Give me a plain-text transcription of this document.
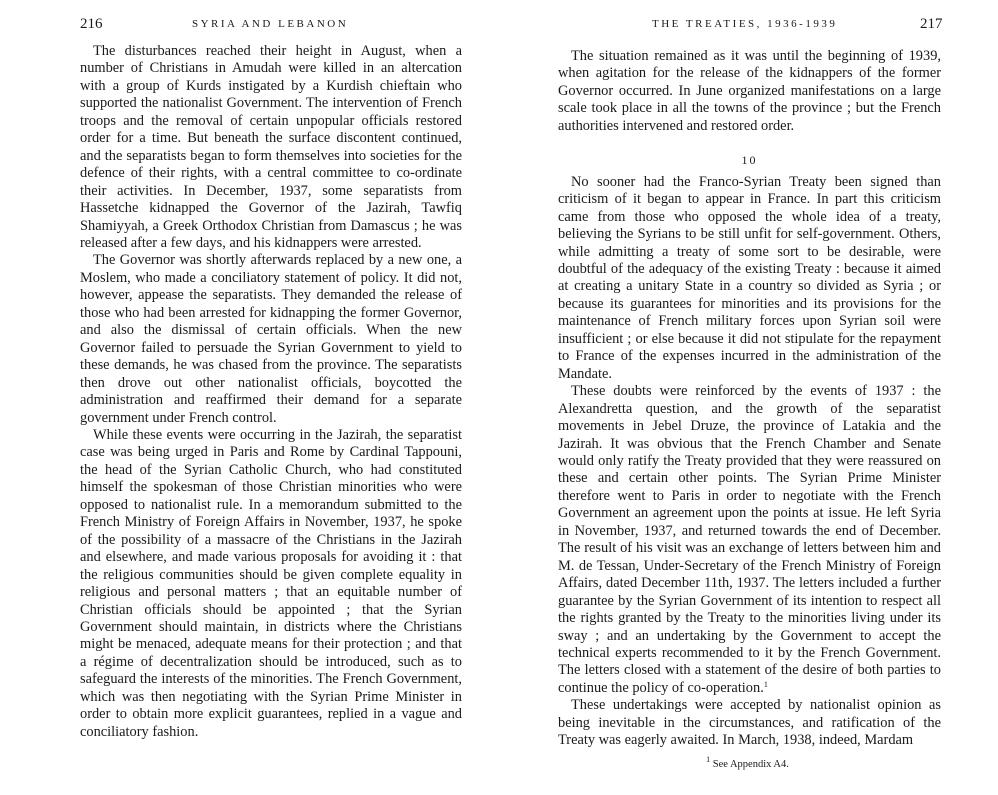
216	SYRIA AND LEBANON

The disturbances reached their height in August, when a number of Christians in Amudah were killed in an altercation with a group of Kurds instigated by a Kurdish chieftain who supported the nationalist Government. The intervention of French troops and the removal of certain unpopular officials restored order for a time. But beneath the surface discontent continued, and the separatists began to form themselves into societies for the defence of their rights, with a central committee to co-ordinate their activities. In December, 1937, some separatists from Hassetche kidnapped the Governor of the Jazirah, Tawfiq Shamiyyah, a Greek Orthodox Christian from Damascus ; he was released after a few days, and his kidnappers were arrested.

The Governor was shortly afterwards replaced by a new one, a Moslem, who made a conciliatory statement of policy. It did not, however, appease the separatists. They demanded the release of those who had been arrested for kidnapping the former Governor, and also the dismissal of certain officials. When the new Governor failed to persuade the Syrian Government to yield to these demands, he was chased from the province. The separatists then drove out other nationalist officials, boycotted the administration and reaffirmed their demand for a separate government under French control.

While these events were occurring in the Jazirah, the separatist case was being urged in Paris and Rome by Cardinal Tappouni, the head of the Syrian Catholic Church, who had constituted himself the spokesman of those Christian minorities who were opposed to nationalist rule. In a memorandum submitted to the French Ministry of Foreign Affairs in November, 1937, he spoke of the possibility of a massacre of the Christians in the Jazirah and elsewhere, and made various proposals for avoiding it : that the religious communities should be given complete equality in religious and personal matters ; that an equitable number of Christian officials should be appointed ; that the Syrian Government should maintain, in districts where the Christians might be menaced, adequate means for their protection ; and that a régime of decentralization should be introduced, such as to safeguard the interests of the minorities. The French Government, which was then negotiating with the Syrian Prime Minister in order to obtain more explicit guarantees, replied in a vague and conciliatory fashion.

THE TREATIES, 1936-1939	217

The situation remained as it was until the beginning of 1939, when agitation for the release of the kidnappers of the former Governor occurred. In June organized manifestations on a large scale took place in all the towns of the province ; but the French authorities intervened and restored order.

10

No sooner had the Franco-Syrian Treaty been signed than criticism of it began to appear in France. In part this criticism came from those who opposed the whole idea of a treaty, believing the Syrians to be still unfit for self-government. Others, while admitting a treaty of some sort to be desirable, were doubtful of the adequacy of the existing Treaty : because it aimed at creating a unitary State in a country so divided as Syria ; or because its guarantees for minorities and its provisions for the maintenance of French military forces upon Syrian soil were insufficient ; or else because it did not stipulate for the repayment to France of the expenses incurred in the administration of the Mandate.

These doubts were reinforced by the events of 1937 : the Alexandretta question, and the growth of the separatist movements in Jebel Druze, the province of Latakia and the Jazirah. It was obvious that the French Chamber and Senate would only ratify the Treaty provided that they were reassured on these and certain other points. The Syrian Prime Minister therefore went to Paris in order to negotiate with the French Government an agreement upon the points at issue. He left Syria in November, 1937, and returned towards the end of December. The result of his visit was an exchange of letters between him and M. de Tessan, Under-Secretary of the French Ministry of Foreign Affairs, dated December 11th, 1937. The letters included a further guarantee by the Syrian Government of its intention to respect all the rights granted by the Treaty to the minorities living under its sway ; and an undertaking by the Government to accept the technical experts recommended to it by the French Government. The letters closed with a statement of the desire of both parties to continue the policy of co-operation.$^1$

These undertakings were accepted by nationalist opinion as being inevitable in the circumstances, and ratification of the Treaty was eagerly awaited. In March, 1938, indeed, Mardam

$^1$ See Appendix A4.
